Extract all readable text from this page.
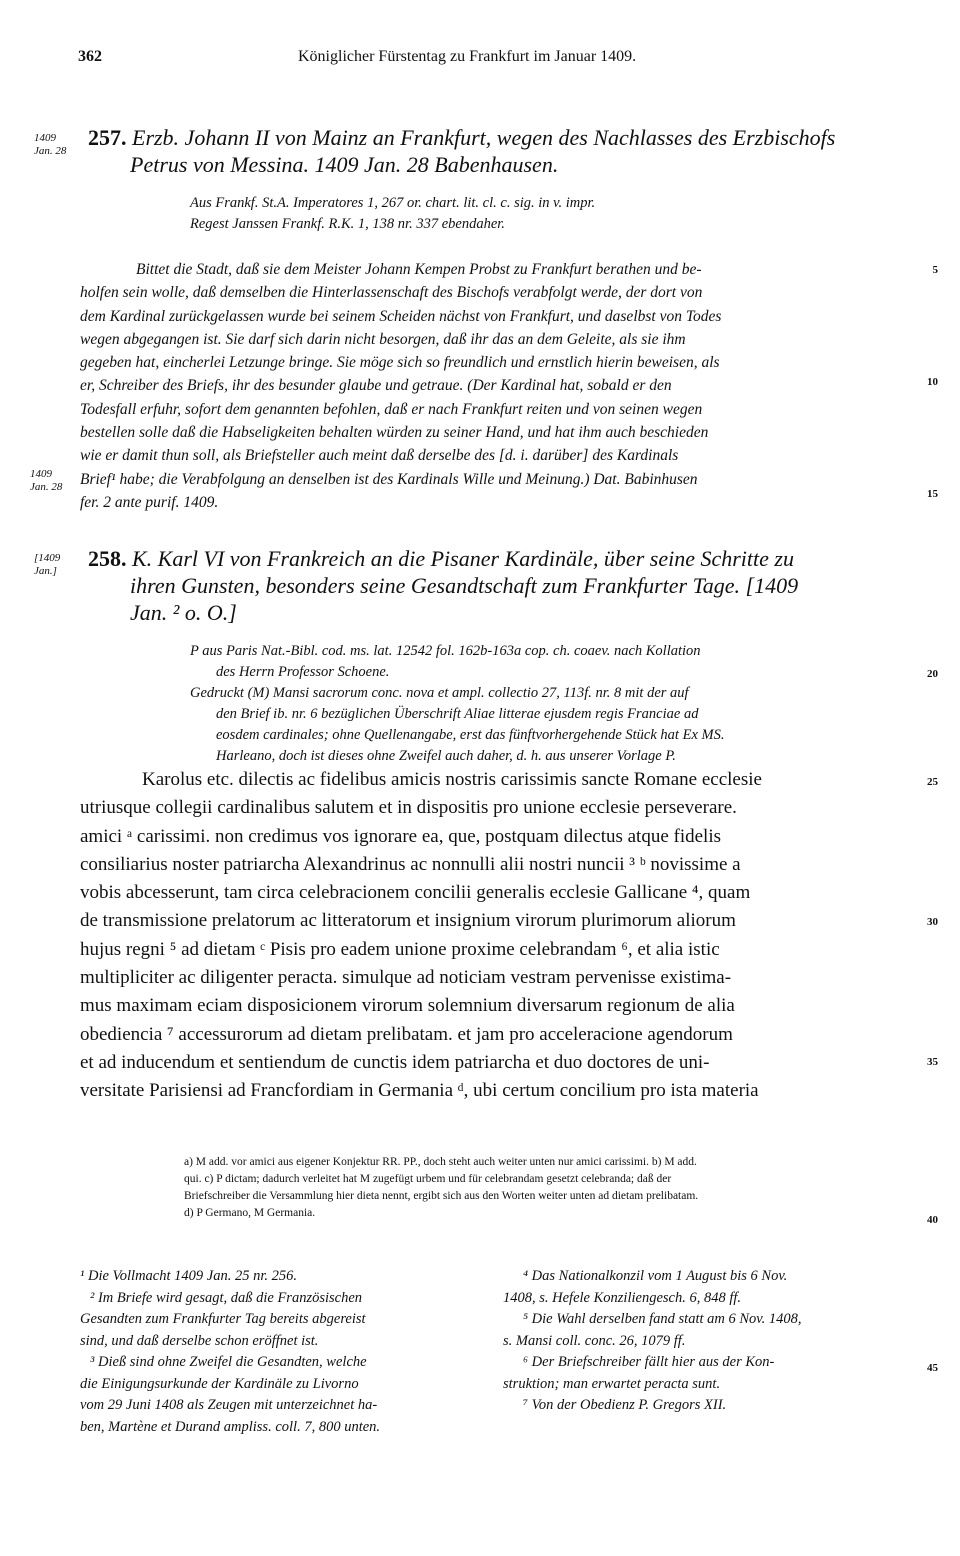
362	Königlicher Fürstentag zu Frankfurt im Januar 1409.
1409
Jan. 28
257. Erzb. Johann II von Mainz an Frankfurt, wegen des Nachlasses des Erzbischofs
Petrus von Messina. 1409 Jan. 28 Babenhausen.

Aus Frankf. St.A. Imperatores 1, 267 or. chart. lit. cl. c. sig. in v. impr.

Regest Janssen Frankf. R.K. 1, 138 nr. 337 ebendaher.

Bittet die Stadt, daß sie dem Meister Johann Kempen Probst zu Frankfurt berathen und be-
holfen sein wolle, daß demselben die Hinterlassenschaft des Bischofs verabfolgt werde, der dort von
dem Kardinal zurückgelassen wurde bei seinem Scheiden nächst von Frankfurt, und daselbst von Todes
wegen abgegangen ist. Sie darf sich darin nicht besorgen, daß ihr das an dem Geleite, als sie ihm
gegeben hat, eincherlei Letzunge bringe. Sie möge sich so freundlich und ernstlich hierin beweisen, als
er, Schreiber des Briefs, ihr des besunder glaube und getraue. (Der Kardinal hat, sobald er den
Todesfall erfuhr, sofort dem genannten befohlen, daß er nach Frankfurt reiten und von seinen wegen
bestellen solle daß die Habseligkeiten behalten würden zu seiner Hand, und hat ihm auch beschieden
wie er damit thun soll, als Briefsteller auch meint daß derselbe des [d. i. darüber] des Kardinals
Brief¹ habe; die Verabfolgung an denselben ist des Kardinals Wille und Meinung.) Dat. Babinhusen
fer. 2 ante purif. 1409.
1409
Jan. 28
[1409
Jan.] 258. K. Karl VI von Frankreich an die Pisaner Kardinäle, über seine Schritte zu
ihren Gunsten, besonders seine Gesandtschaft zum Frankfurter Tage. [1409
Jan. ² o. O.]

P aus Paris Nat.-Bibl. cod. ms. lat. 12542 fol. 162b-163a cop. ch. coaev. nach Kollation

des Herrn Professor Schoene.

Gedruckt (M) Mansi sacrorum conc. nova et ampl. collectio 27, 113f. nr. 8 mit der auf

den Brief ib. nr. 6 bezüglichen Überschrift Aliae litterae ejusdem regis Franciae ad

eosdem cardinales; ohne Quellenangabe, erst das fünftvorhergehende Stück hat Ex MS.

Harleano, doch ist dieses ohne Zweifel auch daher, d. h. aus unserer Vorlage P.

Karolus etc. dilectis ac fidelibus amicis nostris carissimis sancte Romane ecclesie
utriusque collegii cardinalibus salutem et in dispositis pro unione ecclesie perseverare.
amici ᵃ carissimi. non credimus vos ignorare ea, que, postquam dilectus atque fidelis
consiliarius noster patriarcha Alexandrinus ac nonnulli alii nostri nuncii ³ ᵇ novissime a
vobis abcesserunt, tam circa celebracionem concilii generalis ecclesie Gallicane ⁴, quam
de transmissione prelatorum ac litteratorum et insignium virorum plurimorum aliorum
hujus regni ⁵ ad dietam ᶜ Pisis pro eadem unione proxime celebrandam ⁶, et alia istic
multipliciter ac diligenter peracta. simulque ad noticiam vestram pervenisse existima-
mus maximam eciam disposicionem virorum solemnium diversarum regionum de alia
obediencia ⁷ accessurorum ad dietam prelibatam. et jam pro acceleracione agendorum
et ad inducendum et sentiendum de cunctis idem patriarcha et duo doctores de uni-
versitate Parisiensi ad Francfordiam in Germania ᵈ, ubi certum concilium pro ista materia
a) M add. vor amici aus eigener Konjektur RR. PP., doch steht auch weiter unten nur amici carissimi. b) M add.
qui. c) P dictam; dadurch verleitet hat M zugefügt urbem und für celebrandam gesetzt celebranda; daß der
Briefschreiber die Versammlung hier dieta nennt, ergibt sich aus den Worten weiter unten ad dietam prelibatam.
d) P Germano, M Germania.

¹ Die Vollmacht 1409 Jan. 25 nr. 256.

² Im Briefe wird gesagt, daß die Französischen

Gesandten zum Frankfurter Tag bereits abgereist

sind, und daß derselbe schon eröffnet ist.

³ Dieß sind ohne Zweifel die Gesandten, welche

die Einigungsurkunde der Kardinäle zu Livorno

vom 29 Juni 1408 als Zeugen mit unterzeichnet ha-

ben, Martène et Durand ampliss. coll. 7, 800 unten.

⁴ Das Nationalkonzil vom 1 August bis 6 Nov.

1408, s. Hefele Konziliengesch. 6, 848 ff.

⁵ Die Wahl derselben fand statt am 6 Nov. 1408,

s. Mansi coll. conc. 26, 1079 ff.

⁶ Der Briefschreiber fällt hier aus der Kon-

struktion; man erwartet peracta sunt.

⁷ Von der Obedienz P. Gregors XII.

5
10
15
20
25
30
35
40
45
